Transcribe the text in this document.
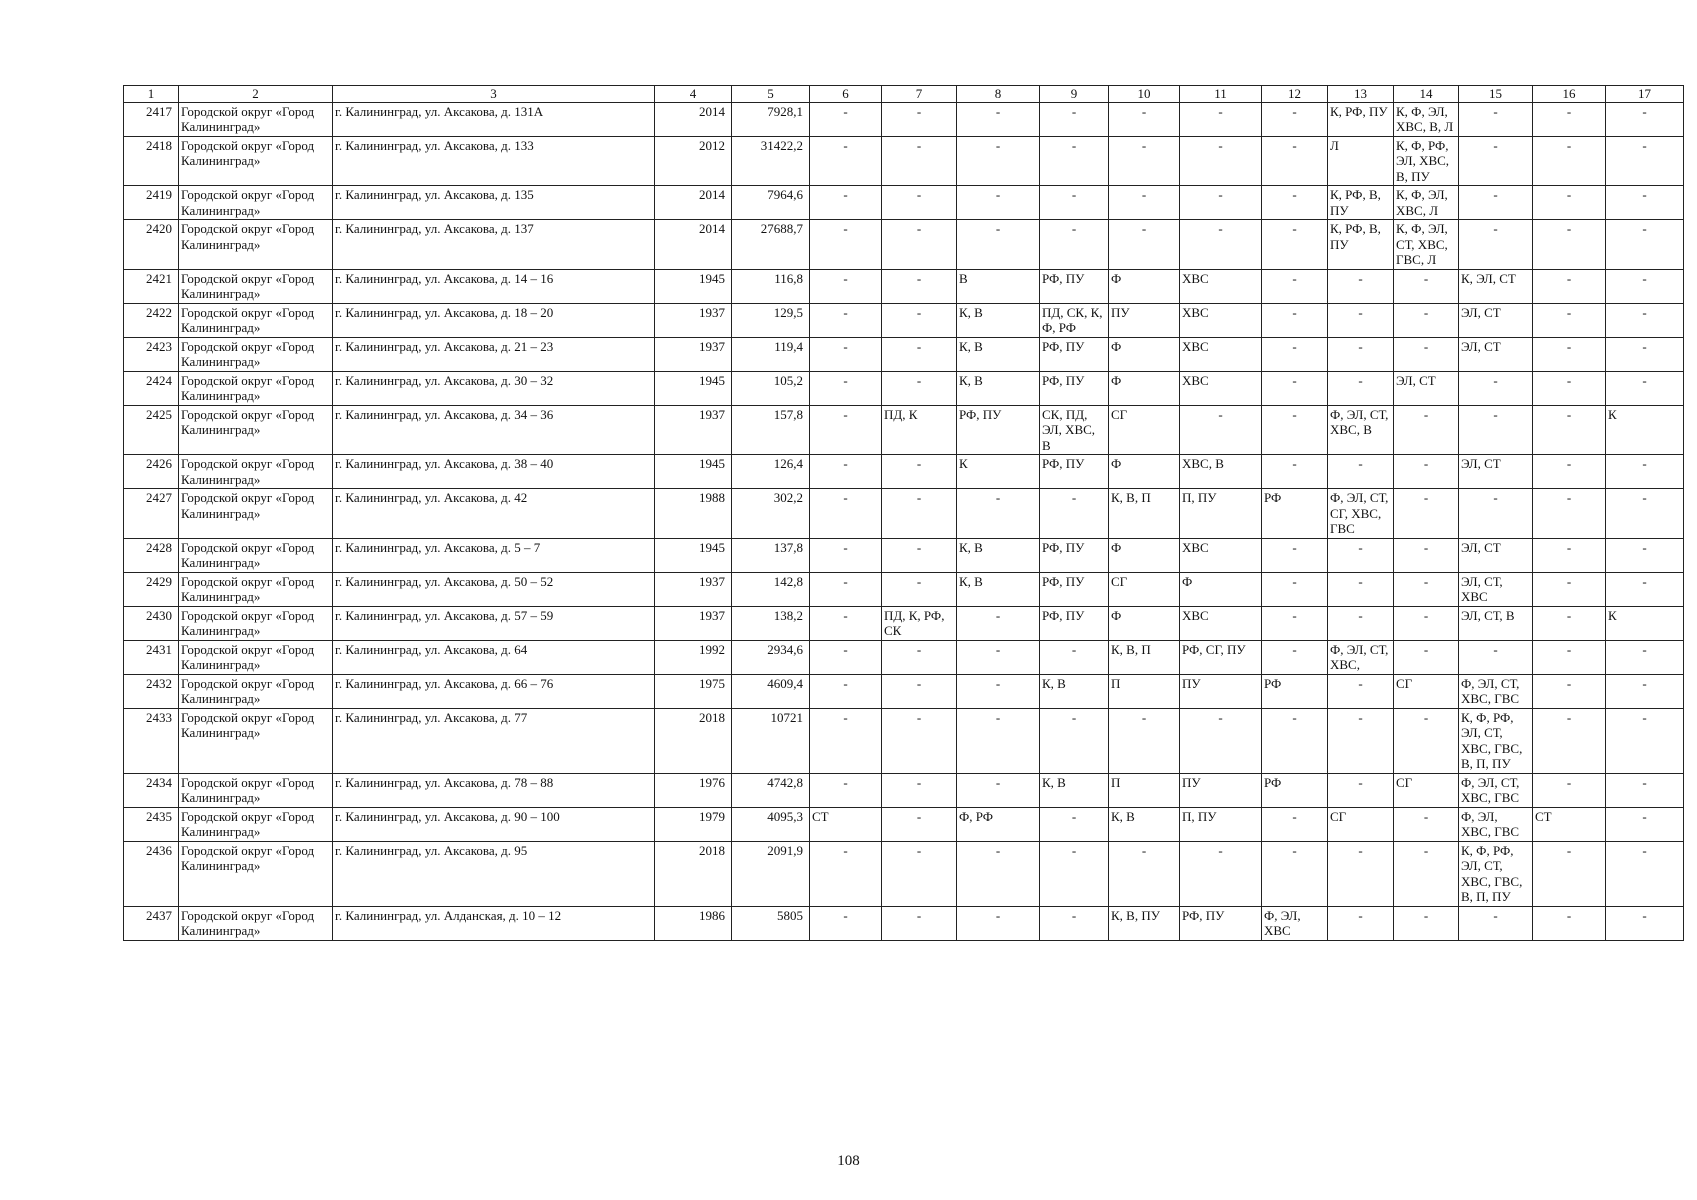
1	2	3	4	5	6	7	8	9	10	11	12	13	14	15	16	17
2417	Городской округ «Город Калининград»	г. Калининград, ул. Аксакова, д. 131А	2014	7928,1	-	-	-	-	-	-	-	К, РФ, ПУ	К, Ф, ЭЛ, ХВС, В, Л	-	-	-
2418	Городской округ «Город Калининград»	г. Калининград, ул. Аксакова, д. 133	2012	31422,2	-	-	-	-	-	-	-	Л	К, Ф, РФ, ЭЛ, ХВС, В, ПУ	-	-	-
2419	Городской округ «Город Калининград»	г. Калининград, ул. Аксакова, д. 135	2014	7964,6	-	-	-	-	-	-	-	К, РФ, В, ПУ	К, Ф, ЭЛ, ХВС, Л	-	-	-
2420	Городской округ «Город Калининград»	г. Калининград, ул. Аксакова, д. 137	2014	27688,7	-	-	-	-	-	-	-	К, РФ, В, ПУ	К, Ф, ЭЛ, СТ, ХВС, ГВС, Л	-	-	-
2421	Городской округ «Город Калининград»	г. Калининград, ул. Аксакова, д. 14 – 16	1945	116,8	-	-	В	РФ, ПУ	Ф	ХВС	-	-	-	К, ЭЛ, СТ	-	-
2422	Городской округ «Город Калининград»	г. Калининград, ул. Аксакова, д. 18 – 20	1937	129,5	-	-	К, В	ПД, СК, К, Ф, РФ	ПУ	ХВС	-	-	-	ЭЛ, СТ	-	-
2423	Городской округ «Город Калининград»	г. Калининград, ул. Аксакова, д. 21 – 23	1937	119,4	-	-	К, В	РФ, ПУ	Ф	ХВС	-	-	-	ЭЛ, СТ	-	-
2424	Городской округ «Город Калининград»	г. Калининград, ул. Аксакова, д. 30 – 32	1945	105,2	-	-	К, В	РФ, ПУ	Ф	ХВС	-	-	ЭЛ, СТ	-	-	-
2425	Городской округ «Город Калининград»	г. Калининград, ул. Аксакова, д. 34 – 36	1937	157,8	-	ПД, К	РФ, ПУ	СК, ПД, ЭЛ, ХВС, В	СГ	-	-	Ф, ЭЛ, СТ, ХВС, В	-	-	-	К
2426	Городской округ «Город Калининград»	г. Калининград, ул. Аксакова, д. 38 – 40	1945	126,4	-	-	К	РФ, ПУ	Ф	ХВС, В	-	-	-	ЭЛ, СТ	-	-
2427	Городской округ «Город Калининград»	г. Калининград, ул. Аксакова, д. 42	1988	302,2	-	-	-	-	К, В, П	П, ПУ	РФ	Ф, ЭЛ, СТ, СГ, ХВС, ГВС	-	-	-	-
2428	Городской округ «Город Калининград»	г. Калининград, ул. Аксакова, д. 5 – 7	1945	137,8	-	-	К, В	РФ, ПУ	Ф	ХВС	-	-	-	ЭЛ, СТ	-	-
2429	Городской округ «Город Калининград»	г. Калининград, ул. Аксакова, д. 50 – 52	1937	142,8	-	-	К, В	РФ, ПУ	СГ	Ф	-	-	-	ЭЛ, СТ, ХВС	-	-
2430	Городской округ «Город Калининград»	г. Калининград, ул. Аксакова, д. 57 – 59	1937	138,2	-	ПД, К, РФ, СК	-	РФ, ПУ	Ф	ХВС	-	-	-	ЭЛ, СТ, В	-	К
2431	Городской округ «Город Калининград»	г. Калининград, ул. Аксакова, д. 64	1992	2934,6	-	-	-	-	К, В, П	РФ, СГ, ПУ	-	Ф, ЭЛ, СТ, ХВС,	-	-	-	-
2432	Городской округ «Город Калининград»	г. Калининград, ул. Аксакова, д. 66 – 76	1975	4609,4	-	-	-	К, В	П	ПУ	РФ	-	СГ	Ф, ЭЛ, СТ, ХВС, ГВС	-	-
2433	Городской округ «Город Калининград»	г. Калининград, ул. Аксакова, д. 77	2018	10721	-	-	-	-	-	-	-	-	-	К, Ф, РФ, ЭЛ, СТ, ХВС, ГВС, В, П, ПУ	-	-
2434	Городской округ «Город Калининград»	г. Калининград, ул. Аксакова, д. 78 – 88	1976	4742,8	-	-	-	К, В	П	ПУ	РФ	-	СГ	Ф, ЭЛ, СТ, ХВС, ГВС	-	-
2435	Городской округ «Город Калининград»	г. Калининград, ул. Аксакова, д. 90 – 100	1979	4095,3	СТ	-	Ф, РФ	-	К, В	П, ПУ	-	СГ	-	Ф, ЭЛ, ХВС, ГВС	СТ	-
2436	Городской округ «Город Калининград»	г. Калининград, ул. Аксакова, д. 95	2018	2091,9	-	-	-	-	-	-	-	-	-	К, Ф, РФ, ЭЛ, СТ, ХВС, ГВС, В, П, ПУ	-	-
2437	Городской округ «Город Калининград»	г. Калининград, ул. Алданская, д. 10 – 12	1986	5805	-	-	-	-	К, В, ПУ	РФ, ПУ	Ф, ЭЛ, ХВС	-	-	-	-	-
108
